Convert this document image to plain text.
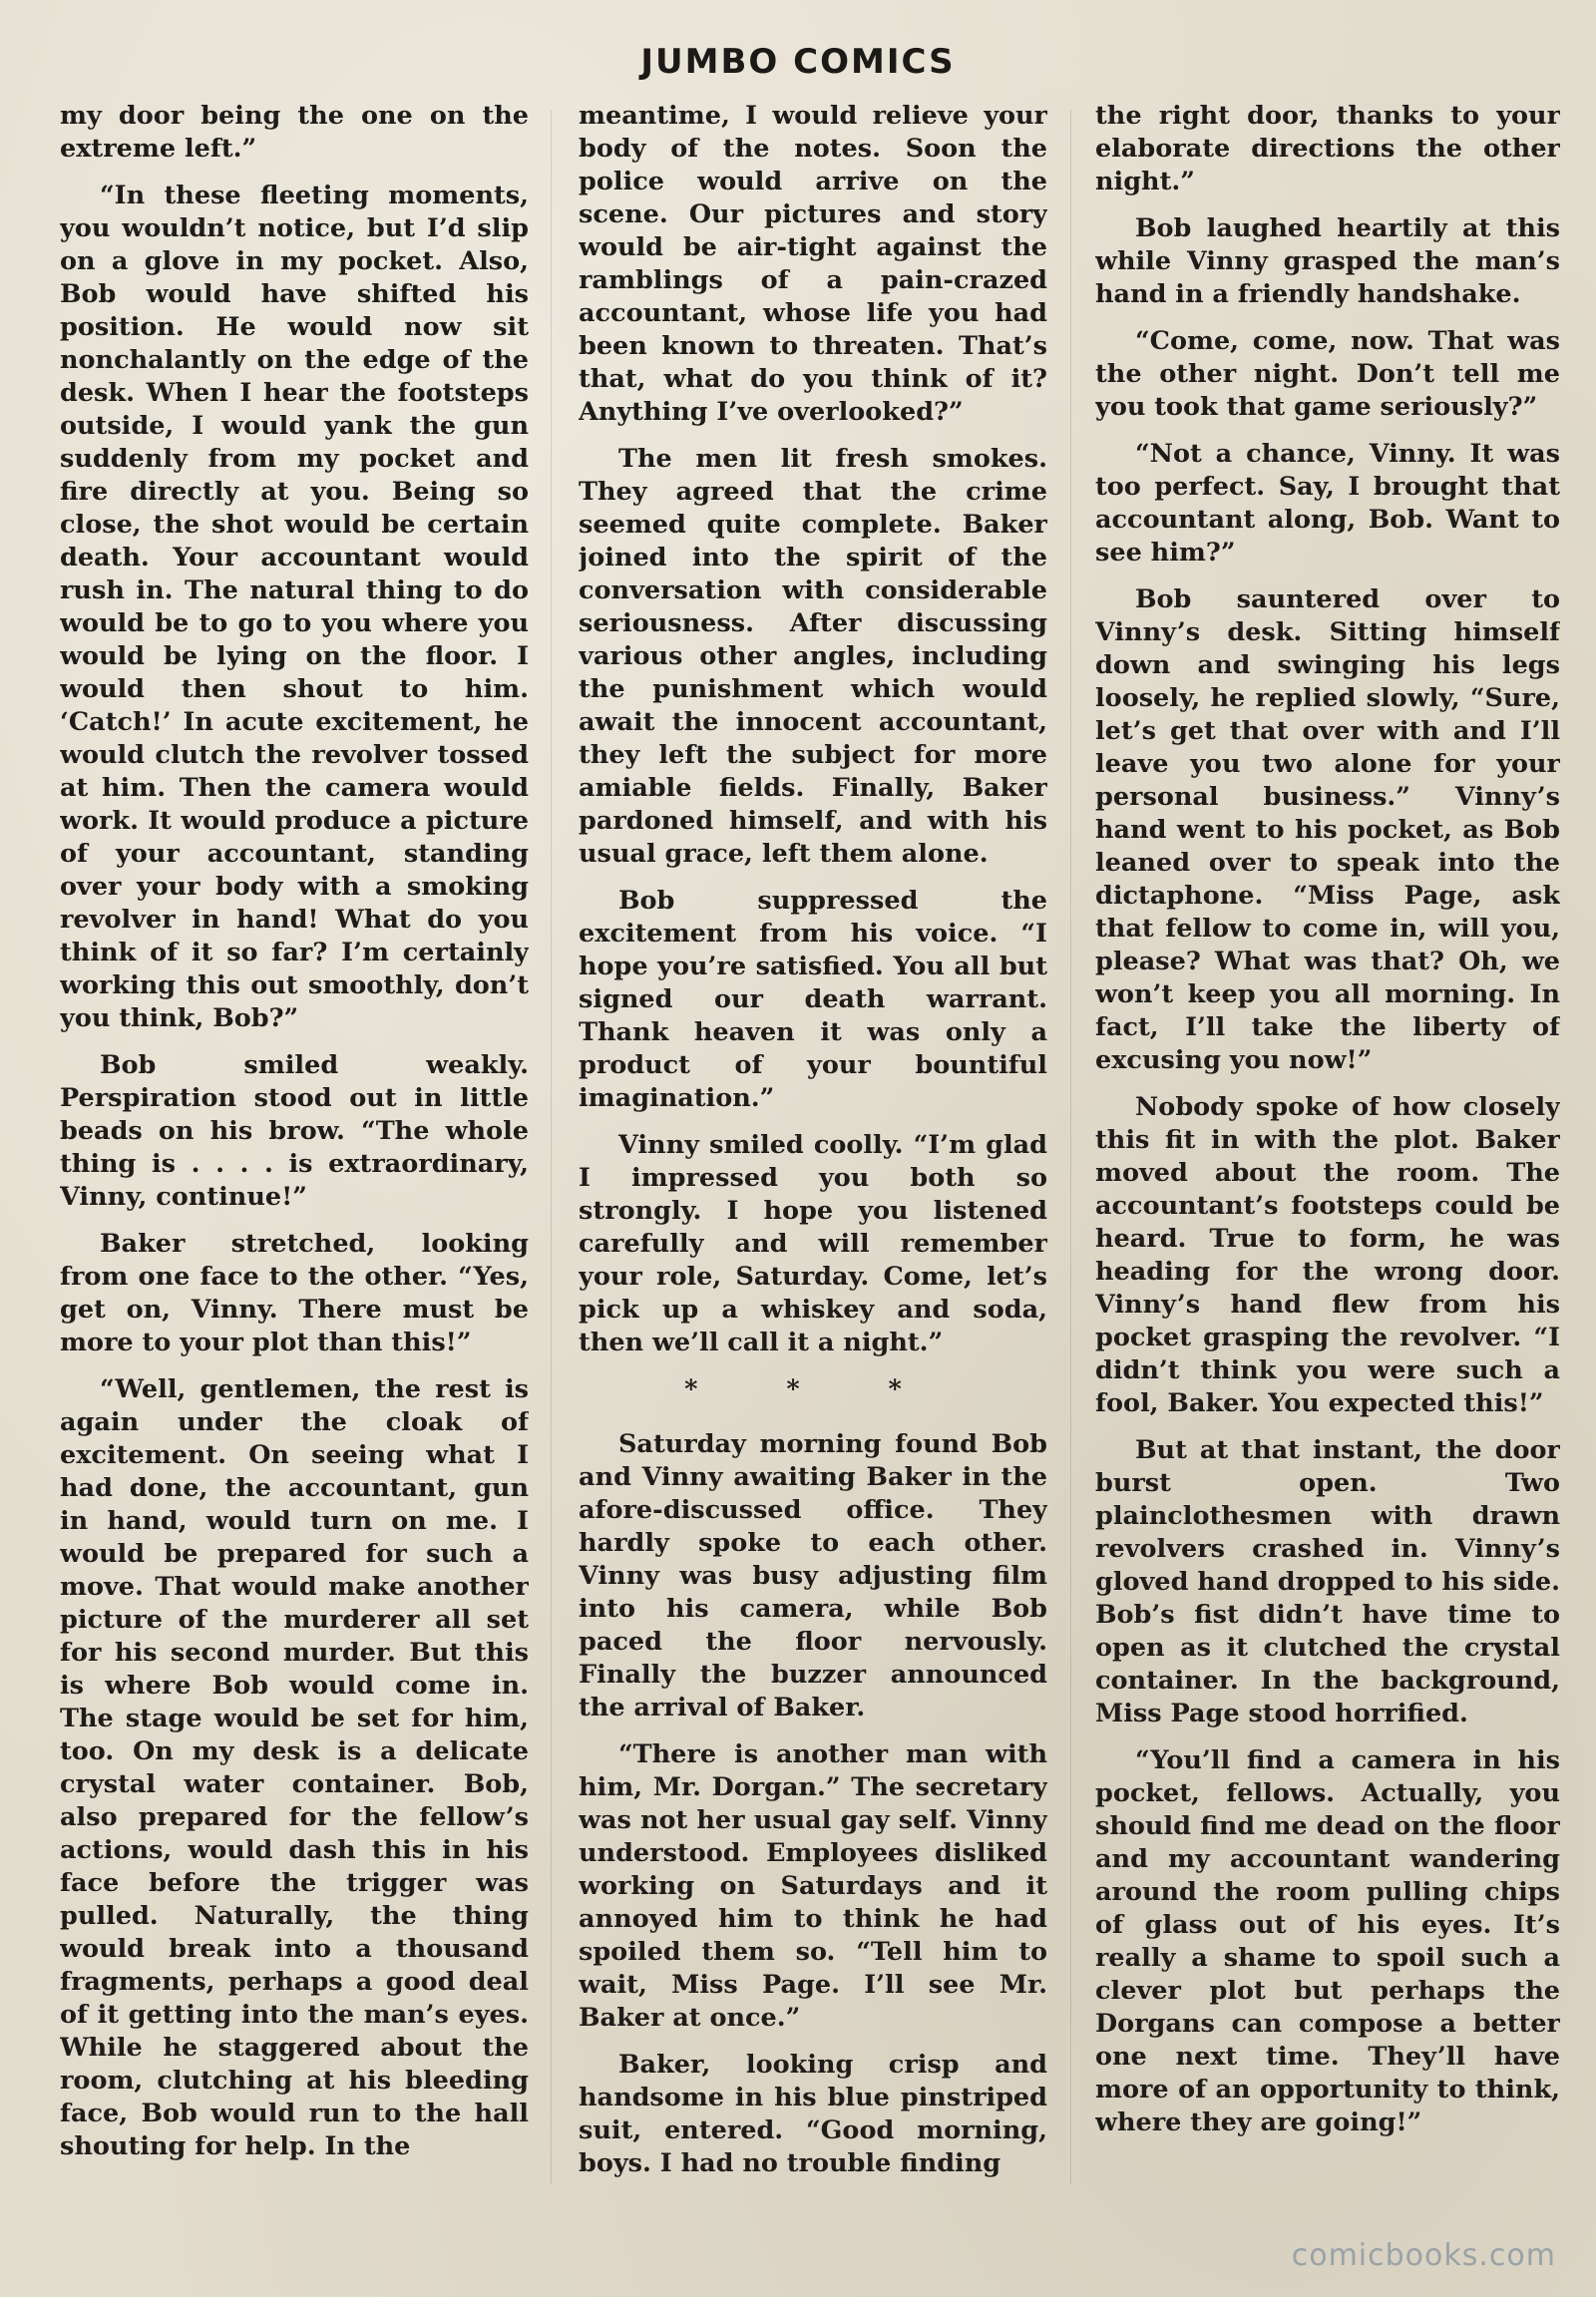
JUMBO COMICS

my door being the one on the extreme left.”

“In these fleeting moments, you wouldn’t notice, but I’d slip on a glove in my pocket. Also, Bob would have shifted his position. He would now sit nonchalantly on the edge of the desk. When I hear the footsteps outside, I would yank the gun suddenly from my pocket and fire directly at you. Being so close, the shot would be certain death. Your accountant would rush in. The natural thing to do would be to go to you where you would be lying on the floor. I would then shout to him. ‘Catch!’ In acute excitement, he would clutch the revolver tossed at him. Then the camera would work. It would produce a picture of your accountant, standing over your body with a smoking revolver in hand! What do you think of it so far? I’m certainly working this out smoothly, don’t you think, Bob?”

Bob smiled weakly. Perspiration stood out in little beads on his brow. “The whole thing is . . . . is extraordinary, Vinny, continue!”

Baker stretched, looking from one face to the other. “Yes, get on, Vinny. There must be more to your plot than this!”

“Well, gentlemen, the rest is again under the cloak of excitement. On seeing what I had done, the accountant, gun in hand, would turn on me. I would be prepared for such a move. That would make another picture of the murderer all set for his second murder. But this is where Bob would come in. The stage would be set for him, too. On my desk is a delicate crystal water container. Bob, also prepared for the fellow’s actions, would dash this in his face before the trigger was pulled. Naturally, the thing would break into a thousand fragments, perhaps a good deal of it getting into the man’s eyes. While he staggered about the room, clutching at his bleeding face, Bob would run to the hall shouting for help. In the

meantime, I would relieve your body of the notes. Soon the police would arrive on the scene. Our pictures and story would be air-tight against the ramblings of a pain-crazed accountant, whose life you had been known to threaten. That’s that, what do you think of it? Anything I’ve overlooked?”

The men lit fresh smokes. They agreed that the crime seemed quite complete. Baker joined into the spirit of the conversation with considerable seriousness. After discussing various other angles, including the punishment which would await the innocent accountant, they left the subject for more amiable fields. Finally, Baker pardoned himself, and with his usual grace, left them alone.

Bob suppressed the excitement from his voice. “I hope you’re satisfied. You all but signed our death warrant. Thank heaven it was only a product of your bountiful imagination.”

Vinny smiled coolly. “I’m glad I impressed you both so strongly. I hope you listened carefully and will remember your role, Saturday. Come, let’s pick up a whiskey and soda, then we’ll call it a night.”

* * *

Saturday morning found Bob and Vinny awaiting Baker in the afore-discussed office. They hardly spoke to each other. Vinny was busy adjusting film into his camera, while Bob paced the floor nervously. Finally the buzzer announced the arrival of Baker.

“There is another man with him, Mr. Dorgan.” The secretary was not her usual gay self. Vinny understood. Employees disliked working on Saturdays and it annoyed him to think he had spoiled them so. “Tell him to wait, Miss Page. I’ll see Mr. Baker at once.”

Baker, looking crisp and handsome in his blue pinstriped suit, entered. “Good morning, boys. I had no trouble finding

the right door, thanks to your elaborate directions the other night.”

Bob laughed heartily at this while Vinny grasped the man’s hand in a friendly handshake.

“Come, come, now. That was the other night. Don’t tell me you took that game seriously?”

“Not a chance, Vinny. It was too perfect. Say, I brought that accountant along, Bob. Want to see him?”

Bob sauntered over to Vinny’s desk. Sitting himself down and swinging his legs loosely, he replied slowly, “Sure, let’s get that over with and I’ll leave you two alone for your personal business.” Vinny’s hand went to his pocket, as Bob leaned over to speak into the dictaphone. “Miss Page, ask that fellow to come in, will you, please? What was that? Oh, we won’t keep you all morning. In fact, I’ll take the liberty of excusing you now!”

Nobody spoke of how closely this fit in with the plot. Baker moved about the room. The accountant’s footsteps could be heard. True to form, he was heading for the wrong door. Vinny’s hand flew from his pocket grasping the revolver. “I didn’t think you were such a fool, Baker. You expected this!”

But at that instant, the door burst open. Two plainclothesmen with drawn revolvers crashed in. Vinny’s gloved hand dropped to his side. Bob’s fist didn’t have time to open as it clutched the crystal container. In the background, Miss Page stood horrified.

“You’ll find a camera in his pocket, fellows. Actually, you should find me dead on the floor and my accountant wandering around the room pulling chips of glass out of his eyes. It’s really a shame to spoil such a clever plot but perhaps the Dorgans can compose a better one next time. They’ll have more of an opportunity to think, where they are going!”

comicbooks.com
